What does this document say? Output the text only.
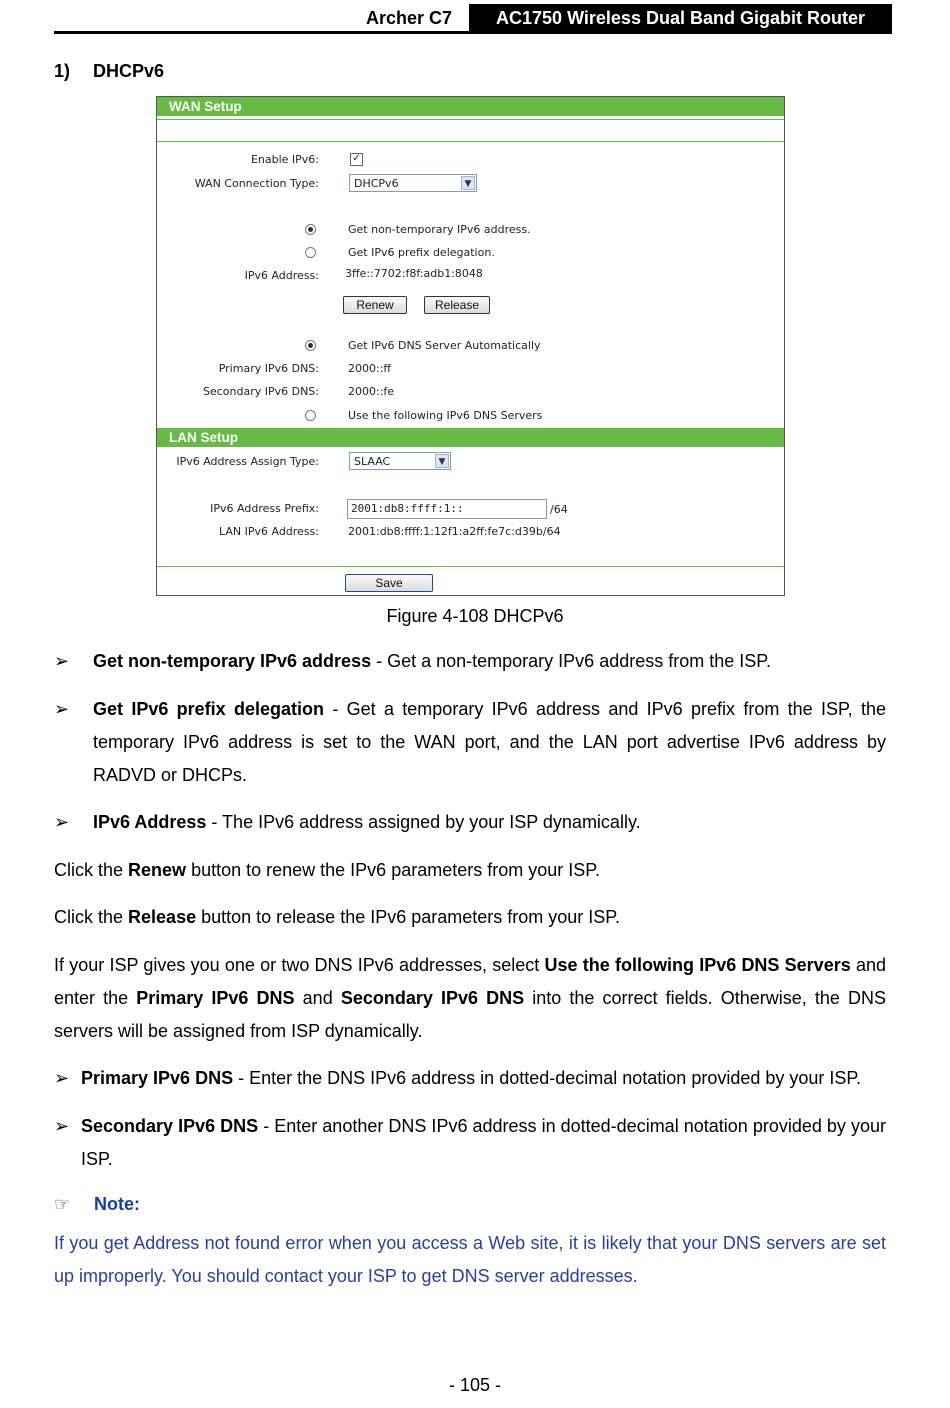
Archer C7	AC1750 Wireless Dual Band Gigabit Router
1) DHCPv6
WAN Setup
Enable IPv6:	✓
WAN Connection Type:	DHCPv6	▼
Get non-temporary IPv6 address.
Get IPv6 prefix delegation.
IPv6 Address: 3ffe::7702:f8f:adb1:8048
Renew	Release
Get IPv6 DNS Server Automatically
Primary IPv6 DNS:	2000::ff
Secondary IPv6 DNS:	2000::fe
Use the following IPv6 DNS Servers
LAN Setup
IPv6 Address Assign Type:	SLAAC	▼
IPv6 Address Prefix:	2001:db8:ffff:1::	/64
LAN IPv6 Address:	2001:db8:ffff:1:12f1:a2ff:fe7c:d39b/64
Save
Figure 4-108 DHCPv6
➢ Get non-temporary IPv6 address - Get a non-temporary IPv6 address from the ISP.
➢ Get IPv6 prefix delegation - Get a temporary IPv6 address and IPv6 prefix from the ISP, the temporary IPv6 address is set to the WAN port, and the LAN port advertise IPv6 address by RADVD or DHCPs.
➢ IPv6 Address - The IPv6 address assigned by your ISP dynamically.
Click the Renew button to renew the IPv6 parameters from your ISP.
Click the Release button to release the IPv6 parameters from your ISP.
If your ISP gives you one or two DNS IPv6 addresses, select Use the following IPv6 DNS Servers and enter the Primary IPv6 DNS and Secondary IPv6 DNS into the correct fields. Otherwise, the DNS servers will be assigned from ISP dynamically.
➢ Primary IPv6 DNS - Enter the DNS IPv6 address in dotted-decimal notation provided by your ISP.
➢ Secondary IPv6 DNS - Enter another DNS IPv6 address in dotted-decimal notation provided by your ISP.
☞ Note:
If you get Address not found error when you access a Web site, it is likely that your DNS servers are set up improperly. You should contact your ISP to get DNS server addresses.
- 105 -
